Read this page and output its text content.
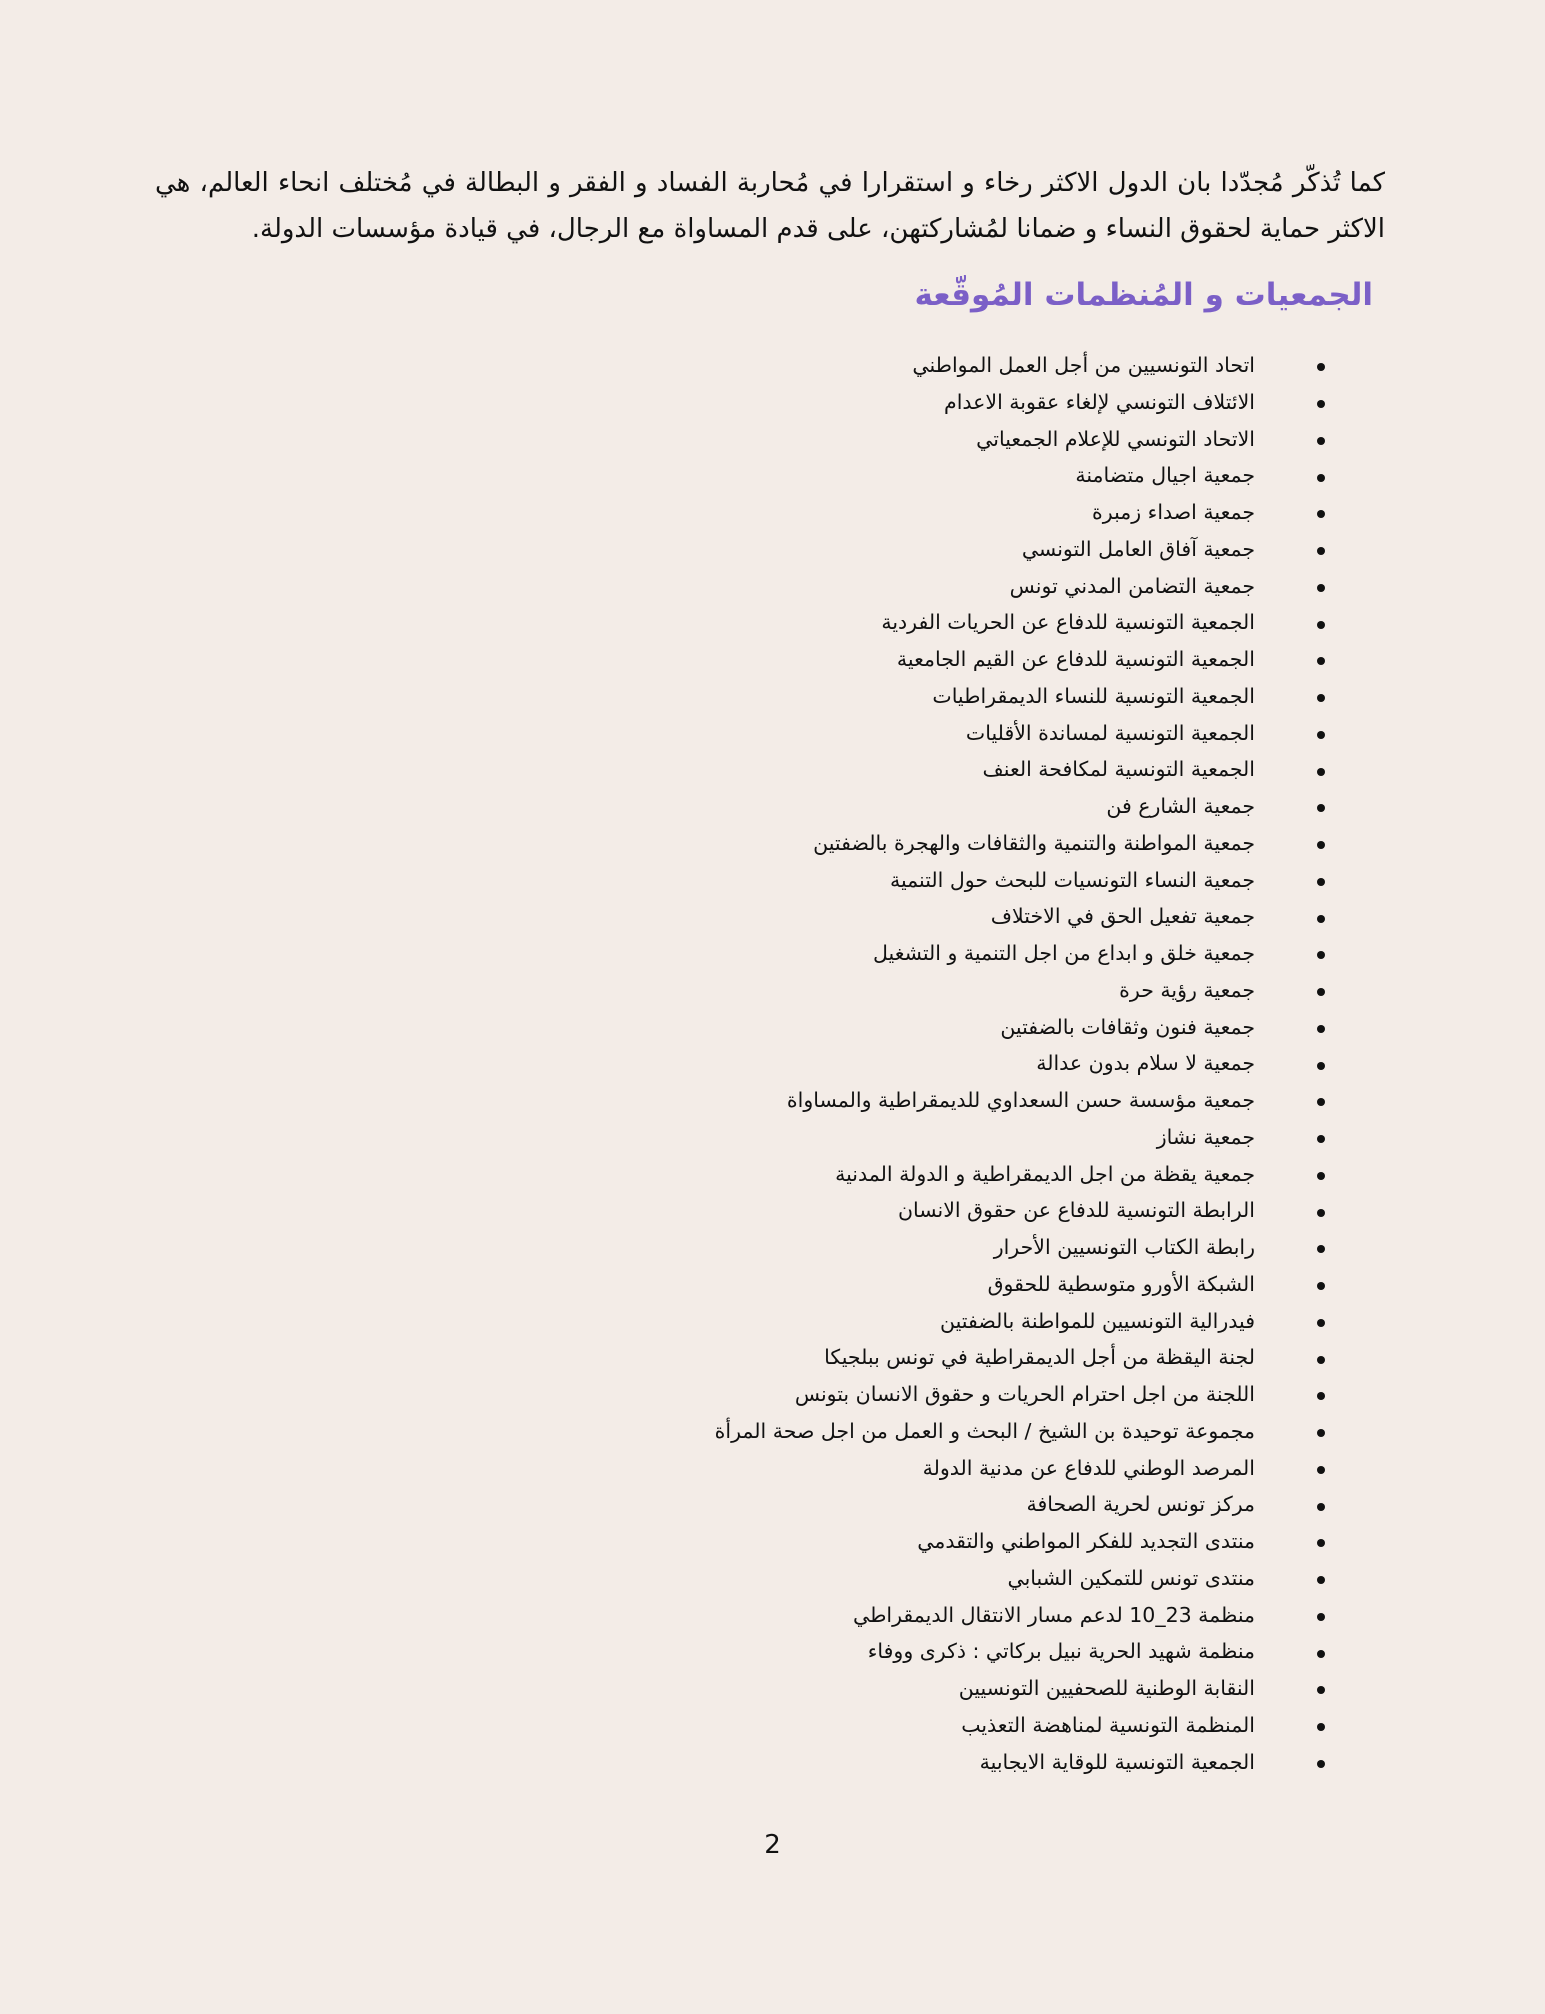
كما تُذكّر مُجدّدا بان الدول الاكثر رخاء و استقرارا في مُحاربة الفساد و الفقر و البطالة في مُختلف انحاء العالم، هي الاكثر حماية لحقوق النساء و ضمانا لمُشاركتهن، على قدم المساواة مع الرجال، في قيادة مؤسسات الدولة.

الجمعيات و المُنظمات المُوقّعة
اتحاد التونسيين من أجل العمل المواطني
الائتلاف التونسي لإلغاء عقوبة الاعدام
الاتحاد التونسي للإعلام الجمعياتي
جمعية اجيال متضامنة
جمعية اصداء زمبرة
جمعية آفاق العامل التونسي
جمعية التضامن المدني تونس
الجمعية التونسية للدفاع عن الحريات الفردية
الجمعية التونسية للدفاع عن القيم الجامعية
الجمعية التونسية للنساء الديمقراطيات
الجمعية التونسية لمساندة الأقليات
الجمعية التونسية لمكافحة العنف
جمعية الشارع فن
جمعية المواطنة والتنمية والثقافات والهجرة بالضفتين
جمعية النساء التونسيات للبحث حول التنمية
جمعية تفعيل الحق في الاختلاف
جمعية خلق و ابداع من اجل التنمية و التشغيل
جمعية رؤية حرة
جمعية فنون وثقافات بالضفتين
جمعية لا سلام بدون عدالة
جمعية مؤسسة حسن السعداوي للديمقراطية والمساواة
جمعية نشاز
جمعية يقظة من اجل الديمقراطية و الدولة المدنية
الرابطة التونسية للدفاع عن حقوق الانسان
رابطة الكتاب التونسيين الأحرار
الشبكة الأورو متوسطية للحقوق
فيدرالية التونسيين للمواطنة بالضفتين
لجنة اليقظة من أجل الديمقراطية في تونس ببلجيكا
اللجنة من اجل احترام الحريات و حقوق الانسان بتونس
مجموعة توحيدة بن الشيخ / البحث و العمل من اجل صحة المرأة
المرصد الوطني للدفاع عن مدنية الدولة
مركز تونس لحرية الصحافة
منتدى التجديد للفكر المواطني والتقدمي
منتدى تونس للتمكين الشبابي
منظمة 23_10 لدعم مسار الانتقال الديمقراطي
منظمة شهيد الحرية نبيل بركاتي : ذكرى ووفاء
النقابة الوطنية للصحفيين التونسيين
المنظمة التونسية لمناهضة التعذيب
الجمعية التونسية للوقاية الايجابية

2
